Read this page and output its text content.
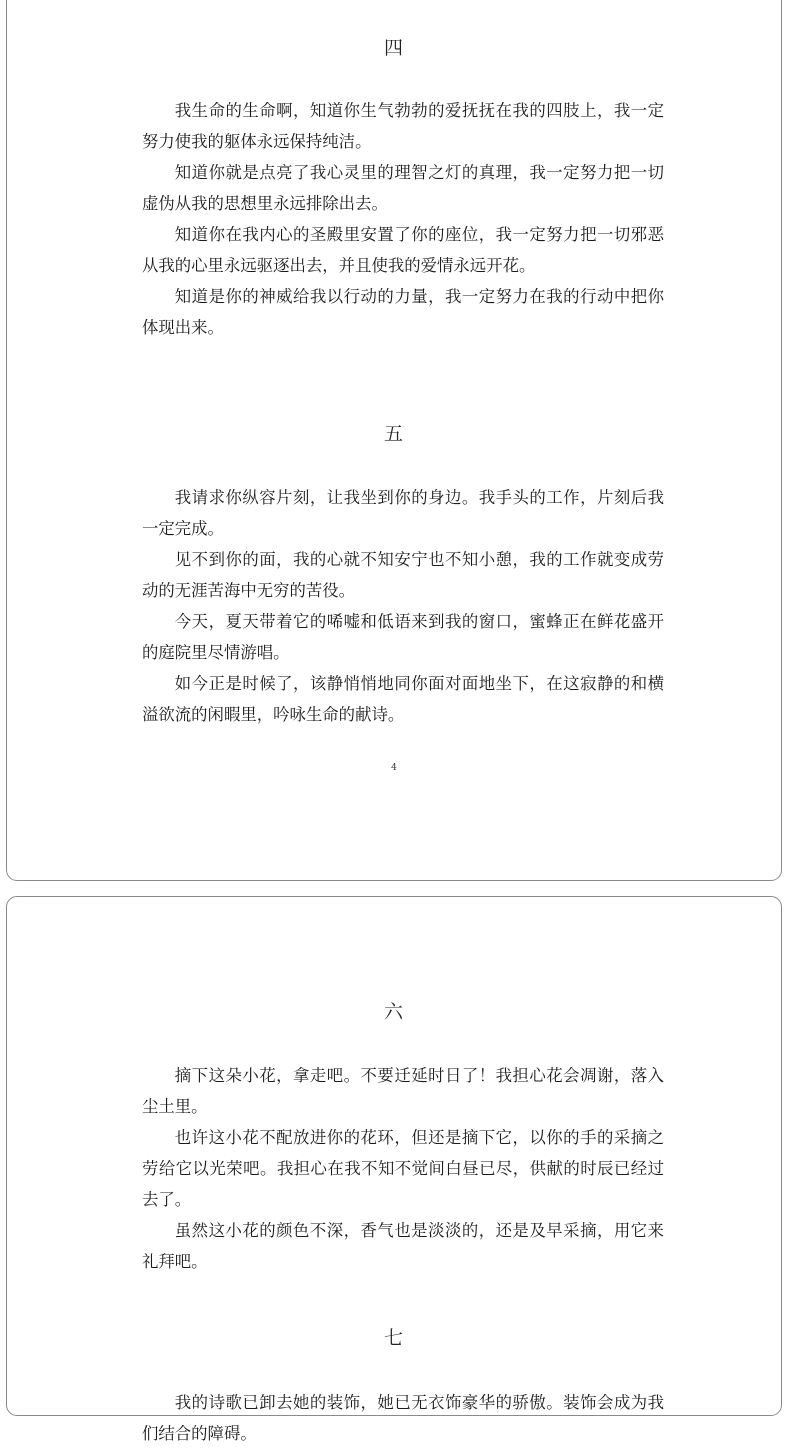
四

我生命的生命啊，知道你生气勃勃的爱抚抚在我的四肢上，我一定努力使我的躯体永远保持纯洁。

知道你就是点亮了我心灵里的理智之灯的真理，我一定努力把一切虚伪从我的思想里永远排除出去。

知道你在我内心的圣殿里安置了你的座位，我一定努力把一切邪恶从我的心里永远驱逐出去，并且使我的爱情永远开花。

知道是你的神威给我以行动的力量，我一定努力在我的行动中把你体现出来。

五

我请求你纵容片刻，让我坐到你的身边。我手头的工作，片刻后我一定完成。

见不到你的面，我的心就不知安宁也不知小憩，我的工作就变成劳动的无涯苦海中无穷的苦役。

今天，夏天带着它的唏嘘和低语来到我的窗口，蜜蜂正在鲜花盛开的庭院里尽情游唱。

如今正是时候了，该静悄悄地同你面对面地坐下，在这寂静的和横溢欲流的闲暇里，吟咏生命的献诗。

4
六

摘下这朵小花，拿走吧。不要迁延时日了！我担心花会凋谢，落入尘土里。

也许这小花不配放进你的花环，但还是摘下它，以你的手的采摘之劳给它以光荣吧。我担心在我不知不觉间白昼已尽，供献的时辰已经过去了。

虽然这小花的颜色不深，香气也是淡淡的，还是及早采摘，用它来礼拜吧。

七

我的诗歌已卸去她的装饰，她已无衣饰豪华的骄傲。装饰会成为我们结合的障碍。
